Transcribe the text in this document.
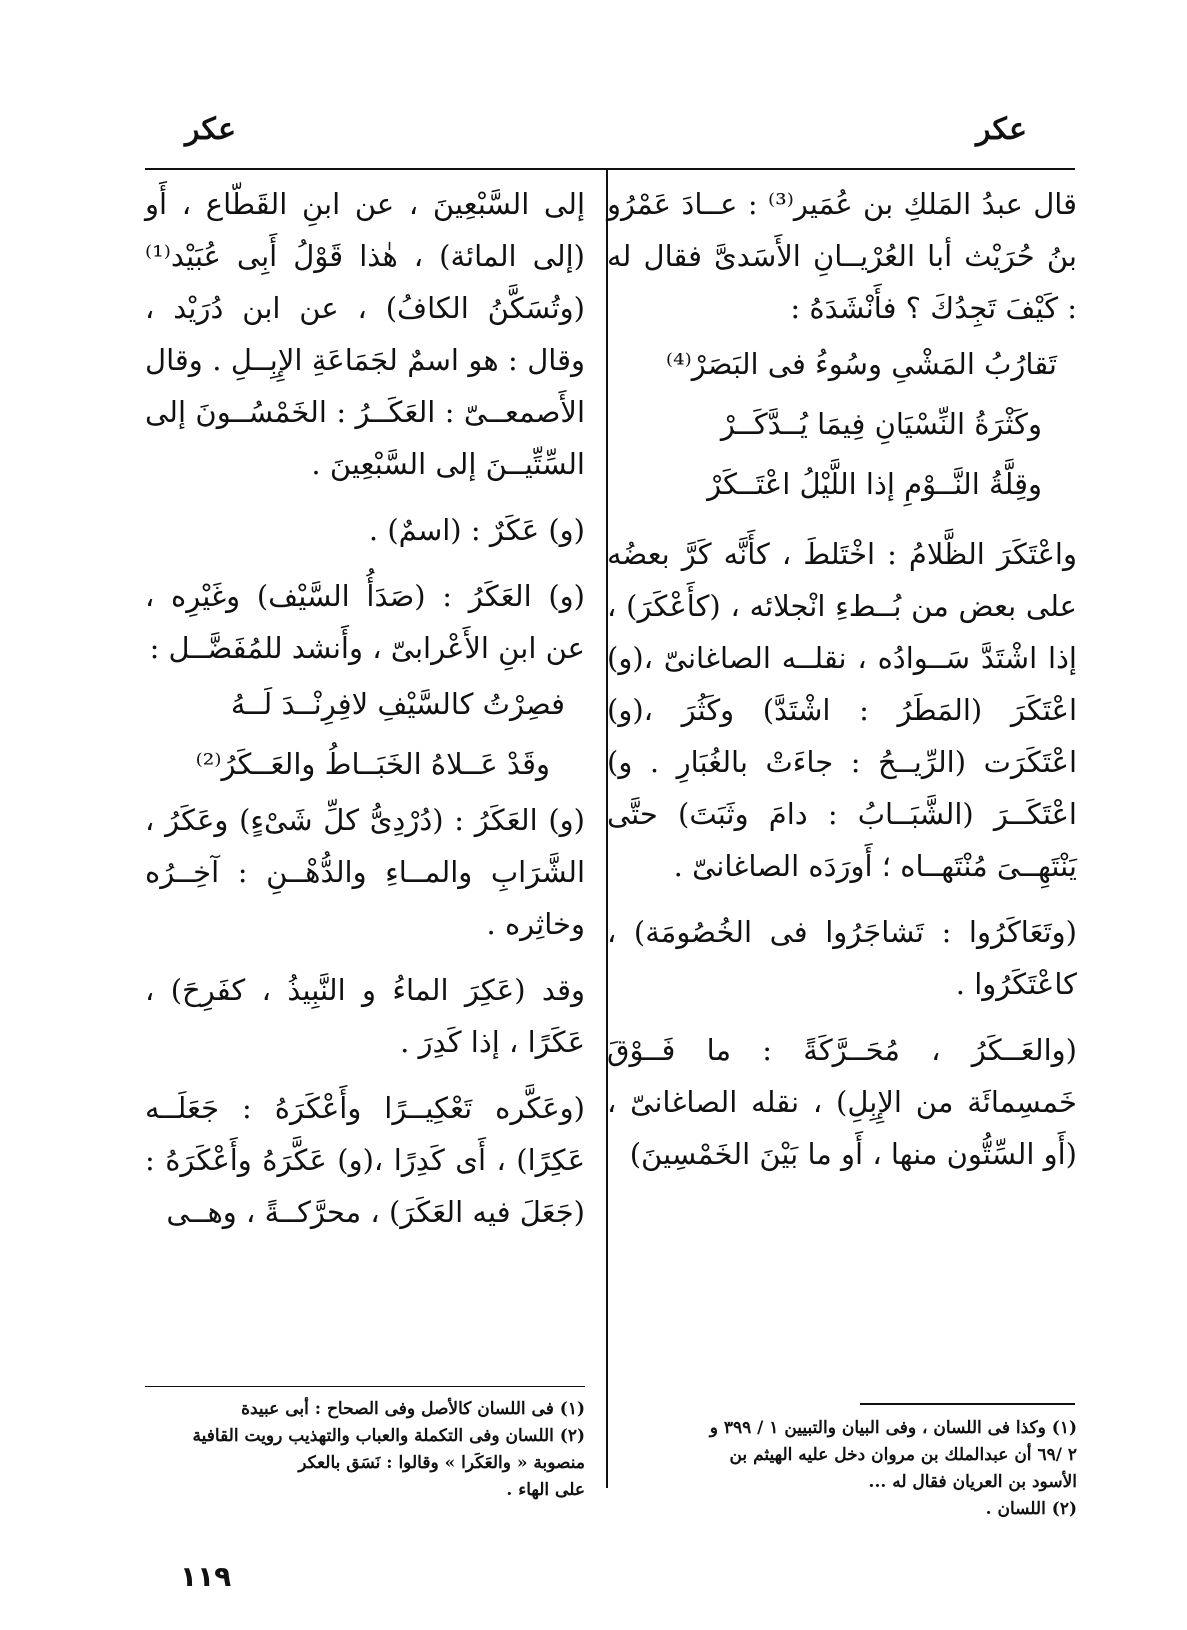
عكر
عكر

قال عبدُ المَلكِ بن عُمَير⁽³⁾ : عــادَ عَمْرُو بنُ حُرَيْث أبا العُرْيــانِ الأَسَدىَّ فقال له : كَيْفَ تَجِدُكَ ؟ فأَنْشَدَهُ :

تَقارُبُ المَشْىِ وسُوءُ فى البَصَرْ⁽⁴⁾
وكَثْرَةُ النِّسْيَانِ فِيمَا يُــدَّكَــرْ
وقِلَّةُ النَّــوْمِ إذا اللَّيْلُ اعْتَــكَرْ

واعْتَكَرَ الظَّلامُ : اخْتَلطَ ، كأَنَّه كَرَّ بعضُه على بعض من بُــطءِ انْجلائه ، (كأَعْكَرَ) ، إذا اشْتَدَّ سَــوادُه ، نقلــه الصاغانىّ ،(و) اعْتَكَرَ (المَطَرُ : اشْتَدَّ) وكَثُرَ ،(و) اعْتَكَرَت (الرِّيــحُ : جاءَتْ بالغُبَارِ . و) اعْتَكَــرَ (الشَّبَــابُ : دامَ وثَبَتَ) حتَّى يَنْتَهِــىَ مُنْتَهــاه ؛ أَورَدَه الصاغانىّ .

(وتَعَاكَرُوا : تَشاجَرُوا فى الخُصُومَة) ، كاعْتَكَرُوا .

(والعَــكَرُ ، مُحَــرَّكَةً : ما فَــوْقَ خَمسِمائَة من الإِبِلِ) ، نقله الصاغانىّ ، (أَو السِّتُّون منها ، أَو ما بَيْنَ الخَمْسِينَ)

إلى السَّبْعِينَ ، عن ابنِ القَطّاع ، أَو (إلى المائة) ، هٰذا قَوْلُ أَبِى عُبَيْد⁽¹⁾ (وتُسَكَّنُ الكافُ) ، عن ابن دُرَيْد ، وقال : هو اسمٌ لجَمَاعَةِ الإِبِــلِ . وقال الأَصمعــىّ : العَكَــرُ : الخَمْسُــونَ إلى السِّتِّيــنَ إلى السَّبْعِينَ .

(و) عَكَرٌ : (اسمٌ) .

(و) العَكَرُ : (صَدَأُ السَّيْف) وغَيْرِه ، عن ابنِ الأَعْرابىّ ، وأَنشد للمُفَضَّــل :

فصِرْتُ كالسَّيْفِ لافِرِنْــدَ لَــهُ
وقَدْ عَــلاهُ الخَبَــاطُ والعَــكَرُ⁽²⁾

(و) العَكَرُ : (دُرْدِىُّ كلِّ شَىْءٍ) وعَكَرُ ، الشَّرَابِ والمــاءِ والدُّهْــنِ : آخِــرُه وخاثِره .

وقد (عَكِرَ الماءُ و النَّبِيذُ ، كفَرِحَ) ، عَكَرًا ، إذا كَدِرَ .

(وعَكَّره تَعْكِيــرًا وأَعْكَرَهُ : جَعَلَــه عَكِرًا) ، أَى كَدِرًا ،(و) عَكَّرَهُ وأَعْكَرَهُ : (جَعَلَ فيه العَكَرَ) ، محرَّكــةً ، وهــى

(١) فى اللسان كالأصل وفى الصحاح : أبى عبيدة
(٢) اللسان وفى التكملة والعباب والتهذيب رويت القافية
منصوبة « والعَكَرا » وقالوا : نَسَق بالعكر
على الهاء .
(١) وكذا فى اللسان ، وفى البيان والتبيين ١ / ٣٩٩ و
٢ /٦٩ أن عبدالملك بن مروان دخل عليه الهيثم بن
الأسود بن العريان فقال له ...
(٢) اللسان .
١١٩
